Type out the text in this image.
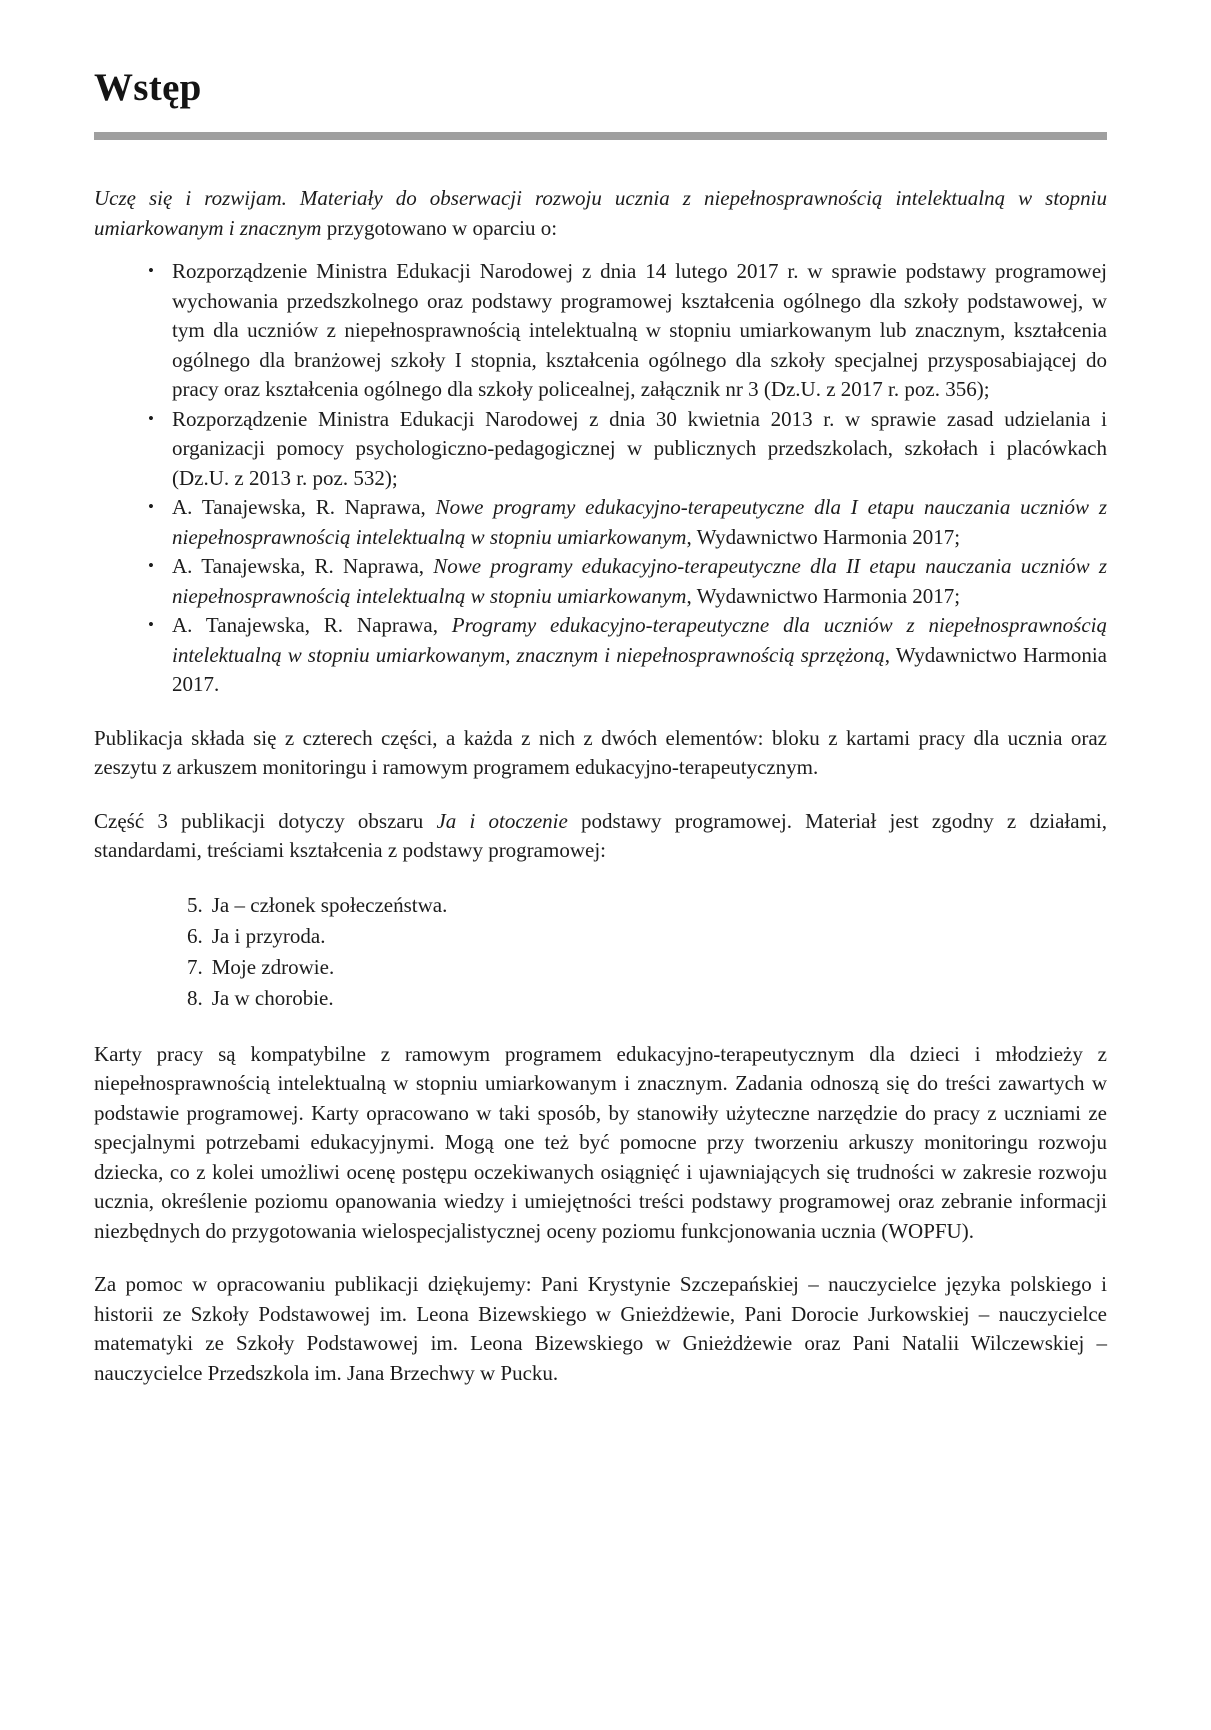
Wstęp

Uczę się i rozwijam. Materiały do obserwacji rozwoju ucznia z niepełnosprawnością intelektualną w stopniu umiarkowanym i znacznym przygotowano w oparciu o:

• Rozporządzenie Ministra Edukacji Narodowej z dnia 14 lutego 2017 r. w sprawie podstawy programowej wychowania przedszkolnego oraz podstawy programowej kształcenia ogólnego dla szkoły podstawowej, w tym dla uczniów z niepełnosprawnością intelektualną w stopniu umiarkowanym lub znacznym, kształcenia ogólnego dla branżowej szkoły I stopnia, kształcenia ogólnego dla szkoły specjalnej przysposabiającej do pracy oraz kształcenia ogólnego dla szkoły policealnej, załącznik nr 3 (Dz.U. z 2017 r. poz. 356);
• Rozporządzenie Ministra Edukacji Narodowej z dnia 30 kwietnia 2013 r. w sprawie zasad udzielania i organizacji pomocy psychologiczno-pedagogicznej w publicznych przedszkolach, szkołach i placówkach (Dz.U. z 2013 r. poz. 532);
• A. Tanajewska, R. Naprawa, Nowe programy edukacyjno-terapeutyczne dla I etapu nauczania uczniów z niepełnosprawnością intelektualną w stopniu umiarkowanym, Wydawnictwo Harmonia 2017;
• A. Tanajewska, R. Naprawa, Nowe programy edukacyjno-terapeutyczne dla II etapu nauczania uczniów z niepełnosprawnością intelektualną w stopniu umiarkowanym, Wydawnictwo Harmonia 2017;
• A. Tanajewska, R. Naprawa, Programy edukacyjno-terapeutyczne dla uczniów z niepełnosprawnością intelektualną w stopniu umiarkowanym, znacznym i niepełnosprawnością sprzężoną, Wydawnictwo Harmonia 2017.

Publikacja składa się z czterech części, a każda z nich z dwóch elementów: bloku z kartami pracy dla ucznia oraz zeszytu z arkuszem monitoringu i ramowym programem edukacyjno-terapeutycznym.

Część 3 publikacji dotyczy obszaru Ja i otoczenie podstawy programowej. Materiał jest zgodny z działami, standardami, treściami kształcenia z podstawy programowej:

5. Ja – członek społeczeństwa.
6. Ja i przyroda.
7. Moje zdrowie.
8. Ja w chorobie.

Karty pracy są kompatybilne z ramowym programem edukacyjno-terapeutycznym dla dzieci i młodzieży z niepełnosprawnością intelektualną w stopniu umiarkowanym i znacznym. Zadania odnoszą się do treści zawartych w podstawie programowej. Karty opracowano w taki sposób, by stanowiły użyteczne narzędzie do pracy z uczniami ze specjalnymi potrzebami edukacyjnymi. Mogą one też być pomocne przy tworzeniu arkuszy monitoringu rozwoju dziecka, co z kolei umożliwi ocenę postępu oczekiwanych osiągnięć i ujawniających się trudności w zakresie rozwoju ucznia, określenie poziomu opanowania wiedzy i umiejętności treści podstawy programowej oraz zebranie informacji niezbędnych do przygotowania wielospecjalistycznej oceny poziomu funkcjonowania ucznia (WOPFU).

Za pomoc w opracowaniu publikacji dziękujemy: Pani Krystynie Szczepańskiej – nauczycielce języka polskiego i historii ze Szkoły Podstawowej im. Leona Bizewskiego w Gnieżdżewie, Pani Dorocie Jurkowskiej – nauczycielce matematyki ze Szkoły Podstawowej im. Leona Bizewskiego w Gnieżdżewie oraz Pani Natalii Wilczewskiej – nauczycielce Przedszkola im. Jana Brzechwy w Pucku.
